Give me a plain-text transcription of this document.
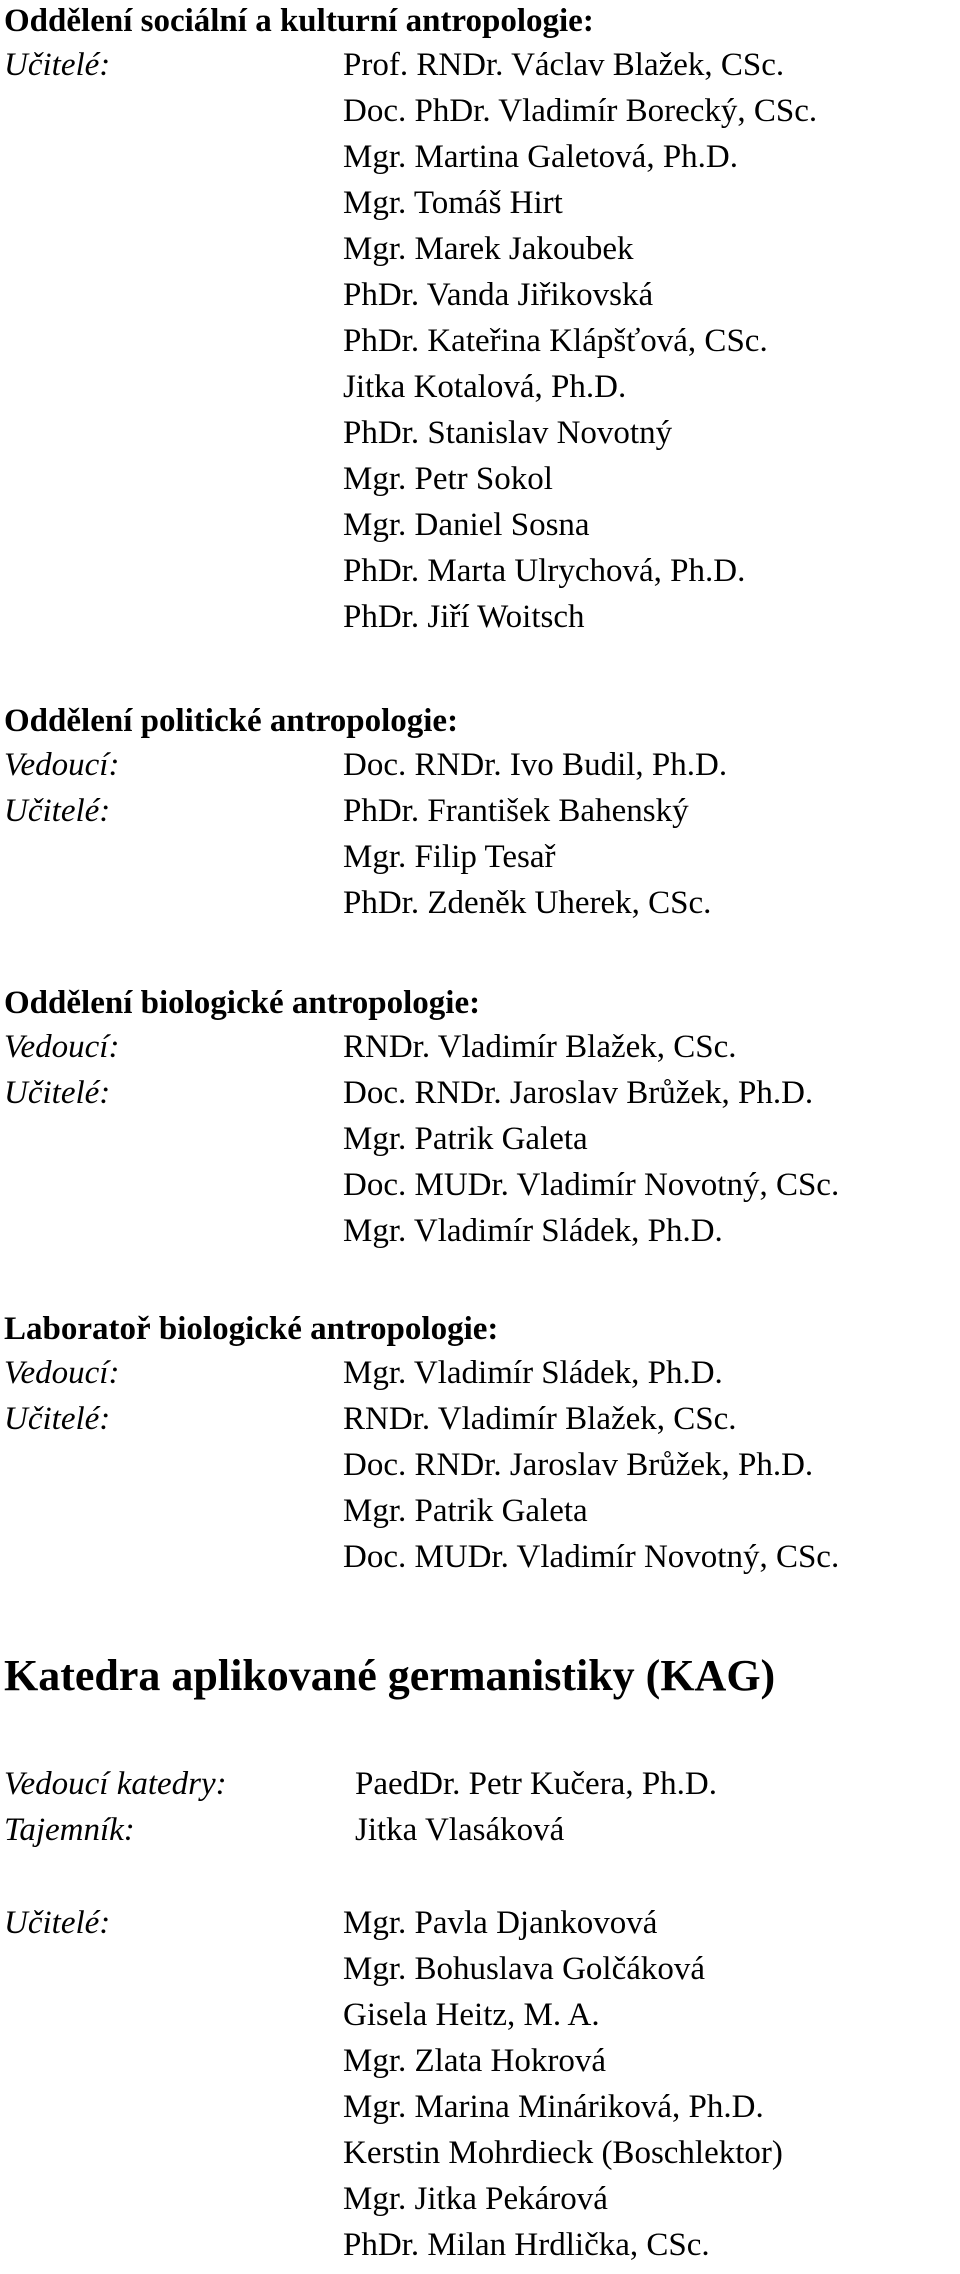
Oddělení sociální a kulturní antropologie:
Učitelé:	Prof. RNDr. Václav Blažek, CSc.
Doc. PhDr. Vladimír Borecký, CSc.
Mgr. Martina Galetová, Ph.D.
Mgr. Tomáš Hirt
Mgr. Marek Jakoubek
PhDr. Vanda Jiřikovská
PhDr. Kateřina Klápšťová, CSc.
Jitka Kotalová, Ph.D.
PhDr. Stanislav Novotný
Mgr. Petr Sokol
Mgr. Daniel Sosna
PhDr. Marta Ulrychová, Ph.D.
PhDr. Jiří Woitsch
Oddělení politické antropologie:
Vedoucí:	Doc. RNDr. Ivo Budil, Ph.D.
Učitelé:	PhDr. František Bahenský
Mgr. Filip Tesař
PhDr. Zdeněk Uherek, CSc.
Oddělení biologické antropologie:
Vedoucí:	RNDr. Vladimír Blažek, CSc.
Učitelé:	Doc. RNDr. Jaroslav Brůžek, Ph.D.
Mgr. Patrik Galeta
Doc. MUDr. Vladimír Novotný, CSc.
Mgr. Vladimír Sládek, Ph.D.
Laboratoř biologické antropologie:
Vedoucí:	Mgr. Vladimír Sládek, Ph.D.
Učitelé:	RNDr. Vladimír Blažek, CSc.
Doc. RNDr. Jaroslav Brůžek, Ph.D.
Mgr. Patrik Galeta
Doc. MUDr. Vladimír Novotný, CSc.
Katedra aplikované germanistiky (KAG)
Vedoucí katedry:	PaedDr. Petr Kučera, Ph.D.
Tajemník:	Jitka Vlasáková
Učitelé:	Mgr. Pavla Djankovová
Mgr. Bohuslava Golčáková
Gisela Heitz, M. A.
Mgr. Zlata Hokrová
Mgr. Marina Mináriková, Ph.D.
Kerstin Mohrdieck (Boschlektor)
Mgr. Jitka Pekárová
PhDr. Milan Hrdlička, CSc.
